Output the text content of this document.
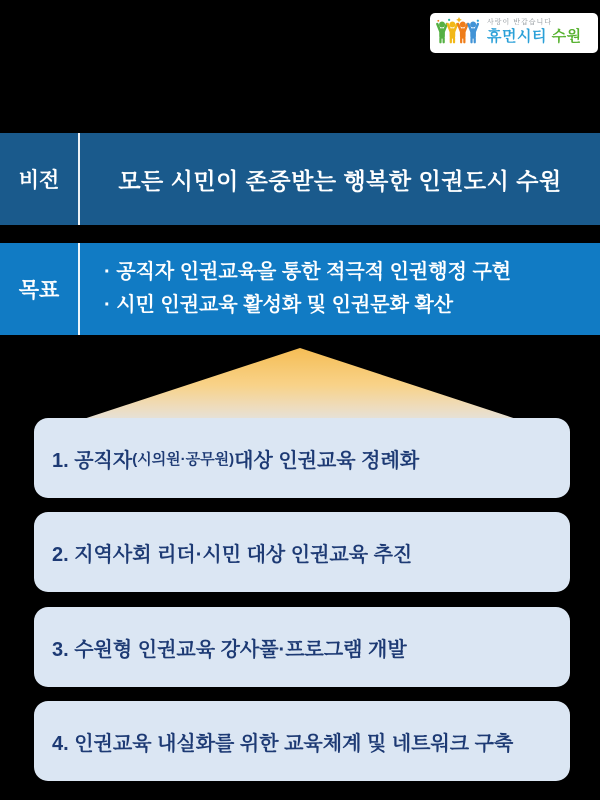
사랑이 반갑습니다
휴먼시티 수원
비전	모든 시민이 존중받는 행복한 인권도시 수원
목표
· 공직자 인권교육을 통한 적극적 인권행정 구현
· 시민 인권교육 활성화 및 인권문화 확산
1. 공직자 (시의원·공무원) 대상 인권교육 정례화
2. 지역사회 리더·시민 대상 인권교육 추진
3. 수원형 인권교육 강사풀·프로그램 개발
4. 인권교육 내실화를 위한 교육체계 및 네트워크 구축
